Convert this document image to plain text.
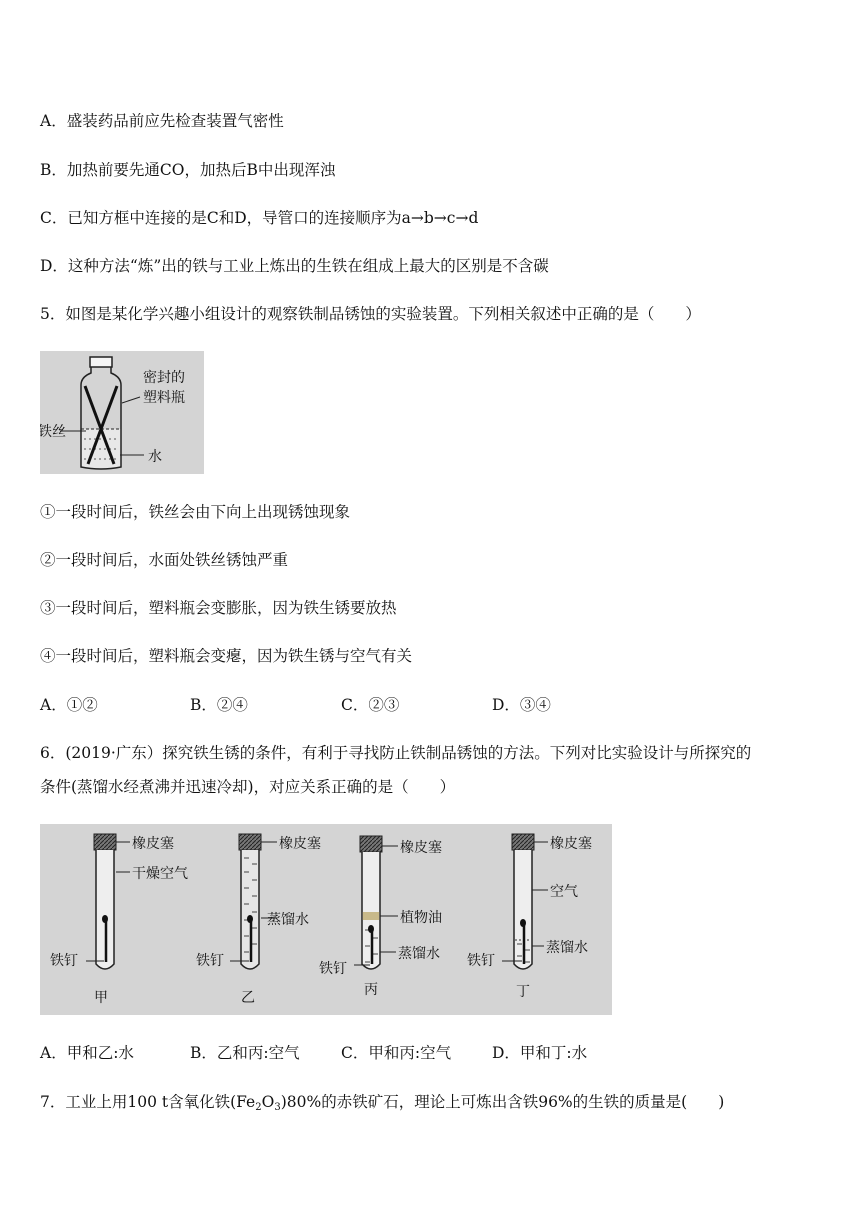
A．盛装药品前应先检查装置气密性
B．加热前要先通CO，加热后B中出现浑浊
C．已知方框中连接的是C和D，导管口的连接顺序为a→b→c→d
D．这种方法“炼”出的铁与工业上炼出的生铁在组成上最大的区别是不含碳
5．如图是某化学兴趣小组设计的观察铁制品锈蚀的实验装置。下列相关叙述中正确的是（　　）
密封的
塑料瓶
铁丝
水
①一段时间后，铁丝会由下向上出现锈蚀现象
②一段时间后，水面处铁丝锈蚀严重
③一段时间后，塑料瓶会变膨胀，因为铁生锈要放热
④一段时间后，塑料瓶会变瘪，因为铁生锈与空气有关
A．①②	B．②④	C．②③	D．③④
6．(2019·广东）探究铁生锈的条件，有利于寻找防止铁制品锈蚀的方法。下列对比实验设计与所探究的
条件(蒸馏水经煮沸并迅速冷却)，对应关系正确的是（　　）
橡皮塞
干燥空气
铁钉
甲
橡皮塞
蒸馏水
铁钉
乙
橡皮塞
植物油
蒸馏水
铁钉
丙
橡皮塞
空气
蒸馏水
铁钉
丁
A．甲和乙:水	B．乙和丙:空气	C．甲和丙:空气	D．甲和丁:水
7．工业上用100 t含氧化铁$(Fe_2O_3)80\%$的赤铁矿石，理论上可炼出含铁96%的生铁的质量是(　　)
